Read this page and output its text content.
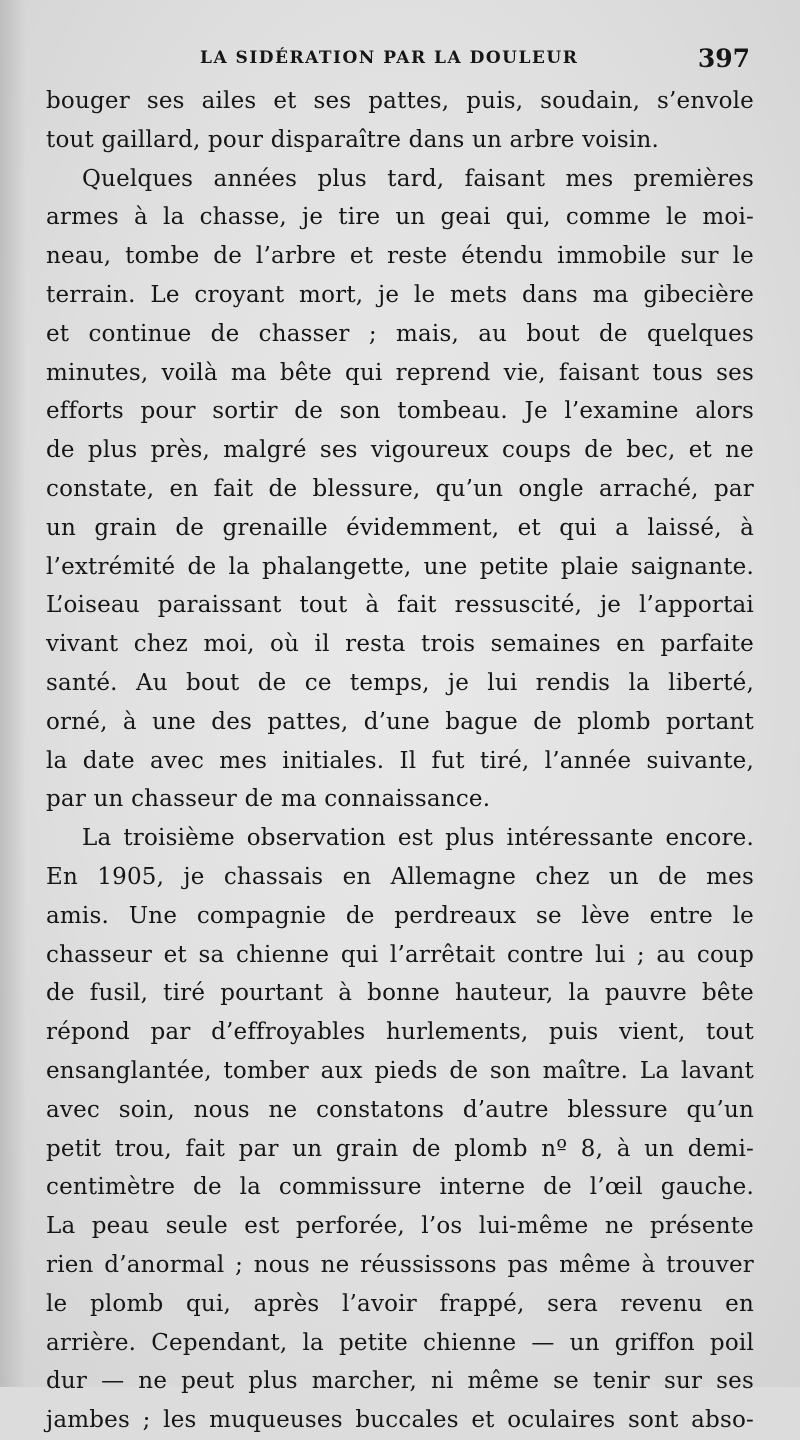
LA SIDÉRATION PAR LA DOULEUR	397
bouger ses ailes et ses pattes, puis, soudain, s’envole
tout gaillard, pour disparaître dans un arbre voisin.
Quelques années plus tard, faisant mes premières
armes à la chasse, je tire un geai qui, comme le moi-
neau, tombe de l’arbre et reste étendu immobile sur le
terrain. Le croyant mort, je le mets dans ma gibecière
et continue de chasser ; mais, au bout de quelques
minutes, voilà ma bête qui reprend vie, faisant tous ses
efforts pour sortir de son tombeau. Je l’examine alors
de plus près, malgré ses vigoureux coups de bec, et ne
constate, en fait de blessure, qu’un ongle arraché, par
un grain de grenaille évidemment, et qui a laissé, à
l’extrémité de la phalangette, une petite plaie saignante.
L’oiseau paraissant tout à fait ressuscité, je l’apportai
vivant chez moi, où il resta trois semaines en parfaite
santé. Au bout de ce temps, je lui rendis la liberté,
orné, à une des pattes, d’une bague de plomb portant
la date avec mes initiales. Il fut tiré, l’année suivante,
par un chasseur de ma connaissance.
La troisième observation est plus intéressante encore.
En 1905, je chassais en Allemagne chez un de mes
amis. Une compagnie de perdreaux se lève entre le
chasseur et sa chienne qui l’arrêtait contre lui ; au coup
de fusil, tiré pourtant à bonne hauteur, la pauvre bête
répond par d’effroyables hurlements, puis vient, tout
ensanglantée, tomber aux pieds de son maître. La lavant
avec soin, nous ne constatons d’autre blessure qu’un
petit trou, fait par un grain de plomb nº 8, à un demi-
centimètre de la commissure interne de l’œil gauche.
La peau seule est perforée, l’os lui-même ne présente
rien d’anormal ; nous ne réussissons pas même à trouver
le plomb qui, après l’avoir frappé, sera revenu en
arrière. Cependant, la petite chienne — un griffon poil
dur — ne peut plus marcher, ni même se tenir sur ses
jambes ; les muqueuses buccales et oculaires sont abso-
